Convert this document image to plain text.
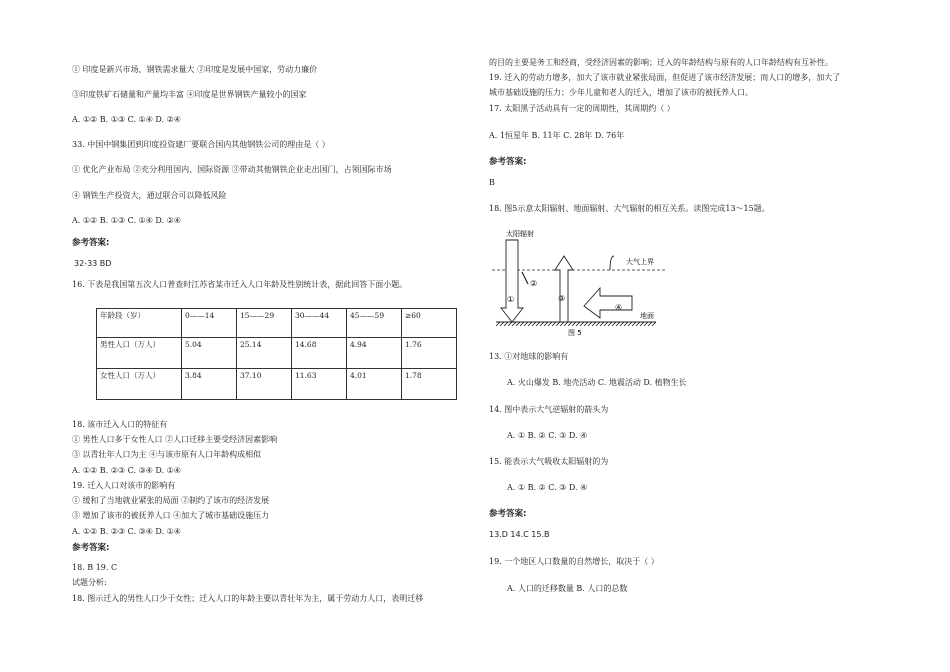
① 印度是新兴市场，钢铁需求量大 ②印度是发展中国家，劳动力廉价
③印度铁矿石储量和产量均丰富 ④印度是世界钢铁产量较小的国家
A. ①② B. ①③ C. ①④ D. ②④
33. 中国中钢集团到印度投资建厂要联合国内其他钢铁公司的理由是（ ）
① 优化产业布局 ②充分利用国内、国际资源 ③带动其他钢铁企业走出国门，占领国际市场
④ 钢铁生产投资大，通过联合可以降低风险
A. ①② B. ①③ C. ①④ D. ②④
参考答案:
32-33 BD
16. 下表是我国第五次人口普查时江苏省某市迁入人口年龄及性别统计表，据此回答下面小题。
年龄段（岁）	0——14	15——29	30——44	45——59	≥60
男性人口（万人）	5.04	25.14	14.68	4.94	1.76
女性人口（万人）	3.84	37.10	11.63	4.01	1.78
18. 该市迁入人口的特征有
① 男性人口多于女性人口 ②人口迁移主要受经济因素影响
③ 以青壮年人口为主 ④与该市原有人口年龄构成相似
A. ①② B. ②③ C. ③④ D. ①④
19. 迁入人口对该市的影响有
① 缓和了当地就业紧张的局面 ②制约了该市的经济发展
③ 增加了该市的被抚养人口 ④加大了城市基础设施压力
A. ①② B. ②③ C. ③④ D. ①④
参考答案:
18. B 19. C
试题分析:
18. 图示迁入的男性人口少于女性；迁入人口的年龄主要以青壮年为主，属于劳动力人口，表明迁移
的目的主要是务工和经商，受经济因素的影响；迁入的年龄结构与原有的人口年龄结构有互补性。
19. 迁入的劳动力增多，加大了该市就业紧张局面，但促进了该市经济发展；而人口的增多，加大了
城市基础设施的压力；少年儿童和老人的迁入，增加了该市的被抚养人口。
17. 太阳黑子活动具有一定的周期性，其周期约（ ）
A. 1恒星年 B. 11年 C. 28年 D. 76年
参考答案:
B
18. 图5示意太阳辐射、地面辐射、大气辐射的相互关系。读图完成13～15题。
太阳辐射
大气上界
①
②
③
④
地面
图 5
13. ①对地球的影响有
A. 火山爆发 B. 地壳活动 C. 地震活动 D. 植物生长
14. 图中表示大气逆辐射的箭头为
A. ① B. ② C. ③ D. ④
15. 能表示大气吸收太阳辐射的为
A. ① B. ② C. ③ D. ④
参考答案:
13.D 14.C 15.B
19. 一个地区人口数量的自然增长，取决于（ ）
A. 人口的迁移数量 B. 人口的总数
